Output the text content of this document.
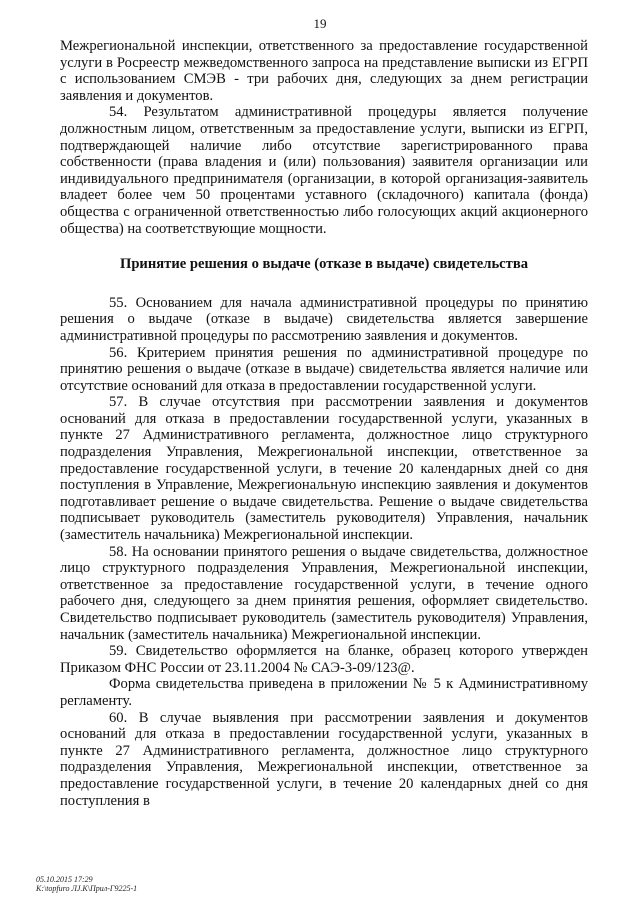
19

Межрегиональной инспекции, ответственного за предоставление государственной услуги в Росреестр межведомственного запроса на представление выписки из ЕГРП с использованием СМЭВ - три рабочих дня, следующих за днем регистрации заявления и документов.

54. Результатом административной процедуры является получение должностным лицом, ответственным за предоставление услуги, выписки из ЕГРП, подтверждающей наличие либо отсутствие зарегистрированного права собственности (права владения и (или) пользования) заявителя организации или индивидуального предпринимателя (организации, в которой организация-заявитель владеет более чем 50 процентами уставного (складочного) капитала (фонда) общества с ограниченной ответственностью либо голосующих акций акционерного общества) на соответствующие мощности.

Принятие решения о выдаче (отказе в выдаче) свидетельства

55. Основанием для начала административной процедуры по принятию решения о выдаче (отказе в выдаче) свидетельства является завершение административной процедуры по рассмотрению заявления и документов.

56. Критерием принятия решения по административной процедуре по принятию решения о выдаче (отказе в выдаче) свидетельства является наличие или отсутствие оснований для отказа в предоставлении государственной услуги.

57. В случае отсутствия при рассмотрении заявления и документов оснований для отказа в предоставлении государственной услуги, указанных в пункте 27 Административного регламента, должностное лицо структурного подразделения Управления, Межрегиональной инспекции, ответственное за предоставление государственной услуги, в течение 20 календарных дней со дня поступления в Управление, Межрегиональную инспекцию заявления и документов подготавливает решение о выдаче свидетельства. Решение о выдаче свидетельства подписывает руководитель (заместитель руководителя) Управления, начальник (заместитель начальника) Межрегиональной инспекции.

58. На основании принятого решения о выдаче свидетельства, должностное лицо структурного подразделения Управления, Межрегиональной инспекции, ответственное за предоставление государственной услуги, в течение одного рабочего дня, следующего за днем принятия решения, оформляет свидетельство. Свидетельство подписывает руководитель (заместитель руководителя) Управления, начальник (заместитель начальника) Межрегиональной инспекции.

59. Свидетельство оформляется на бланке, образец которого утвержден Приказом ФНС России от 23.11.2004 № САЭ-3-09/123@.

Форма свидетельства приведена в приложении № 5 к Административному регламенту.

60. В случае выявления при рассмотрении заявления и документов оснований для отказа в предоставлении государственной услуги, указанных в пункте 27 Административного регламента, должностное лицо структурного подразделения Управления, Межрегиональной инспекции, ответственное за предоставление государственной услуги, в течение 20 календарных дней со дня поступления в

05.10.2015 17:29
К:\topfuro ЛJ.К\Прил-Г9225-1
